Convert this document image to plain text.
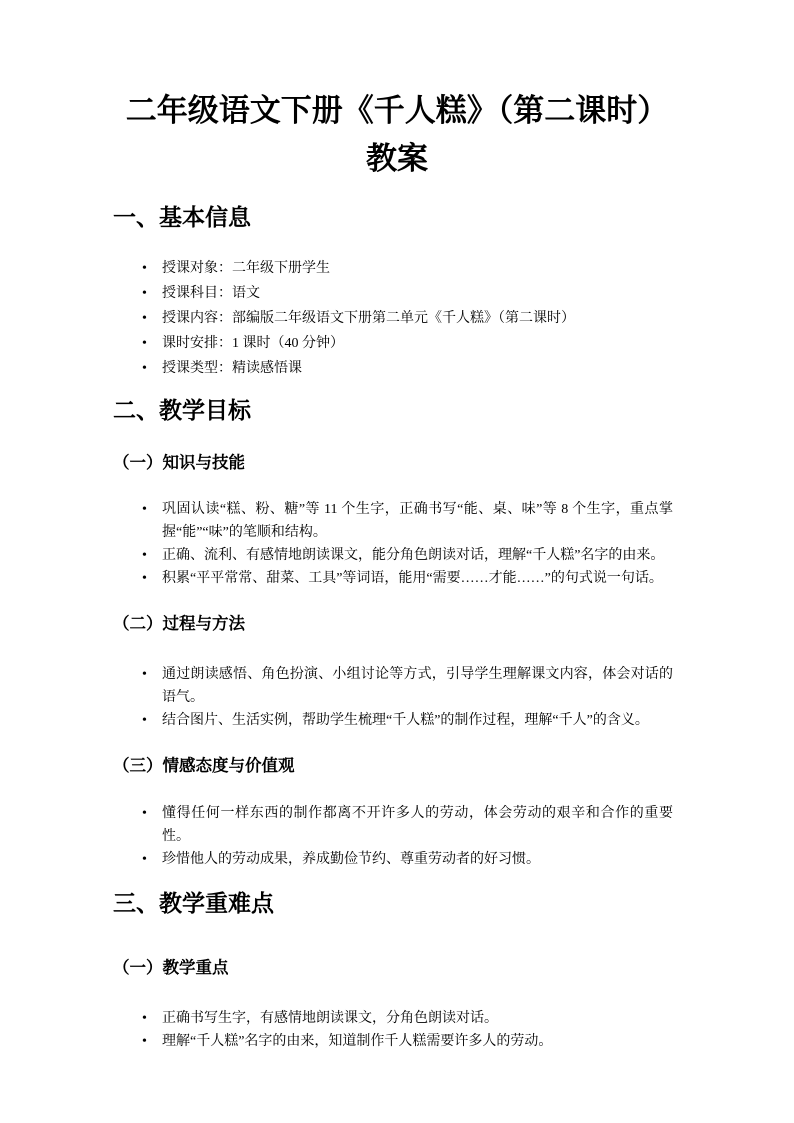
二年级语文下册《千人糕》（第二课时）
教案
一、基本信息
• 授课对象：二年级下册学生
• 授课科目：语文
• 授课内容：部编版二年级语文下册第二单元《千人糕》（第二课时）
• 课时安排：1 课时（40 分钟）
• 授课类型：精读感悟课
二、教学目标
（一）知识与技能
• 巩固认读“糕、粉、糖”等 11 个生字，正确书写“能、桌、味”等 8 个生字，重点掌握“能”“味”的笔顺和结构。
• 正确、流利、有感情地朗读课文，能分角色朗读对话，理解“千人糕”名字的由来。
• 积累“平平常常、甜菜、工具”等词语，能用“需要……才能……”的句式说一句话。
（二）过程与方法
• 通过朗读感悟、角色扮演、小组讨论等方式，引导学生理解课文内容，体会对话的语气。
• 结合图片、生活实例，帮助学生梳理“千人糕”的制作过程，理解“千人”的含义。
（三）情感态度与价值观
• 懂得任何一样东西的制作都离不开许多人的劳动，体会劳动的艰辛和合作的重要性。
• 珍惜他人的劳动成果，养成勤俭节约、尊重劳动者的好习惯。
三、教学重难点
（一）教学重点
• 正确书写生字，有感情地朗读课文，分角色朗读对话。
• 理解“千人糕”名字的由来，知道制作千人糕需要许多人的劳动。
